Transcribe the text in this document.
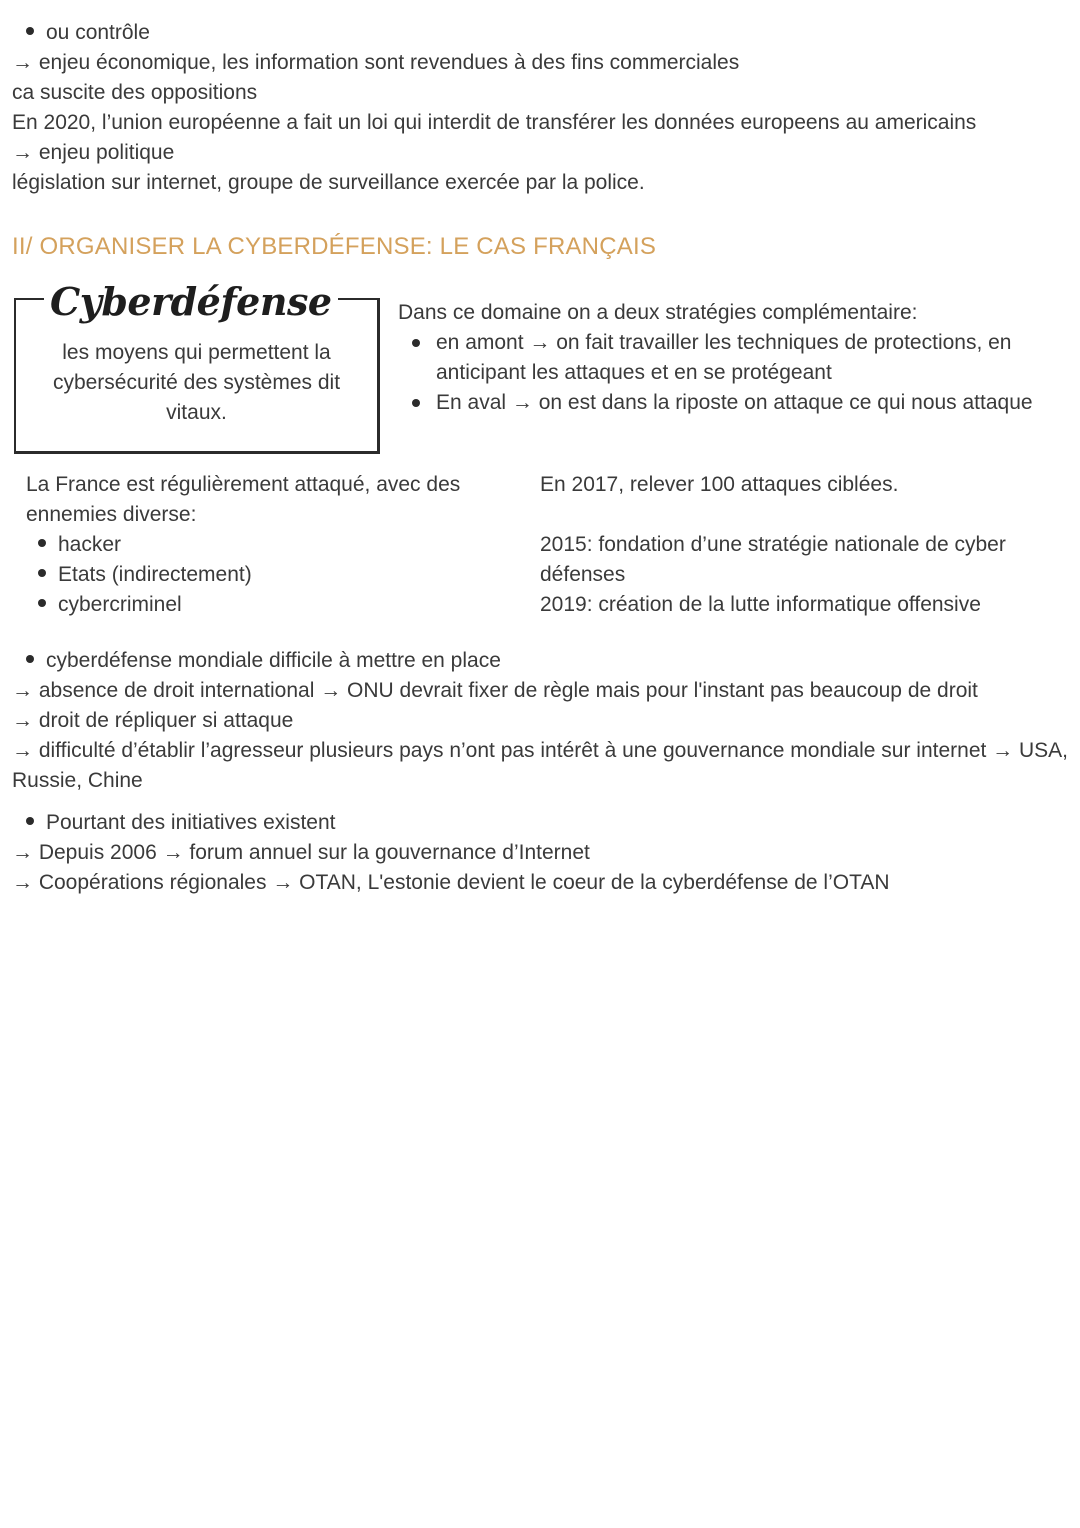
ou contrôle
→ enjeu économique, les information sont revendues à des fins commerciales
ca suscite des oppositions
En 2020, l’union européenne a fait un loi qui interdit de transférer les données europeens au americains
→ enjeu politique
législation sur internet, groupe de surveillance exercée par la police.
II/ ORGANISER LA CYBERDÉFENSE: LE CAS FRANÇAIS
Cyberdéfense
les moyens qui permettent la cybersécurité des systèmes dit vitaux.
Dans ce domaine on a deux stratégies complémentaire:
en amont → on fait travailler les techniques de protections, en anticipant les attaques et en se protégeant
En aval → on est dans la riposte on attaque ce qui nous attaque
La France est régulièrement attaqué, avec des ennemies diverse:
hacker
Etats (indirectement)
cybercriminel
En 2017, relever 100 attaques ciblées.
2015: fondation d’une stratégie nationale de cyber défenses
2019: création de la lutte informatique offensive
cyberdéfense mondiale difficile à mettre en place
→ absence de droit international → ONU devrait fixer de règle mais pour l'instant pas beaucoup de droit
→ droit de répliquer si attaque
→ difficulté d’établir l’agresseur plusieurs pays n’ont pas intérêt à une gouvernance mondiale sur internet → USA, Russie, Chine
Pourtant des initiatives existent
→ Depuis 2006 → forum annuel sur la gouvernance d’Internet
→ Coopérations régionales → OTAN, L'estonie devient le coeur de la cyberdéfense de l’OTAN
